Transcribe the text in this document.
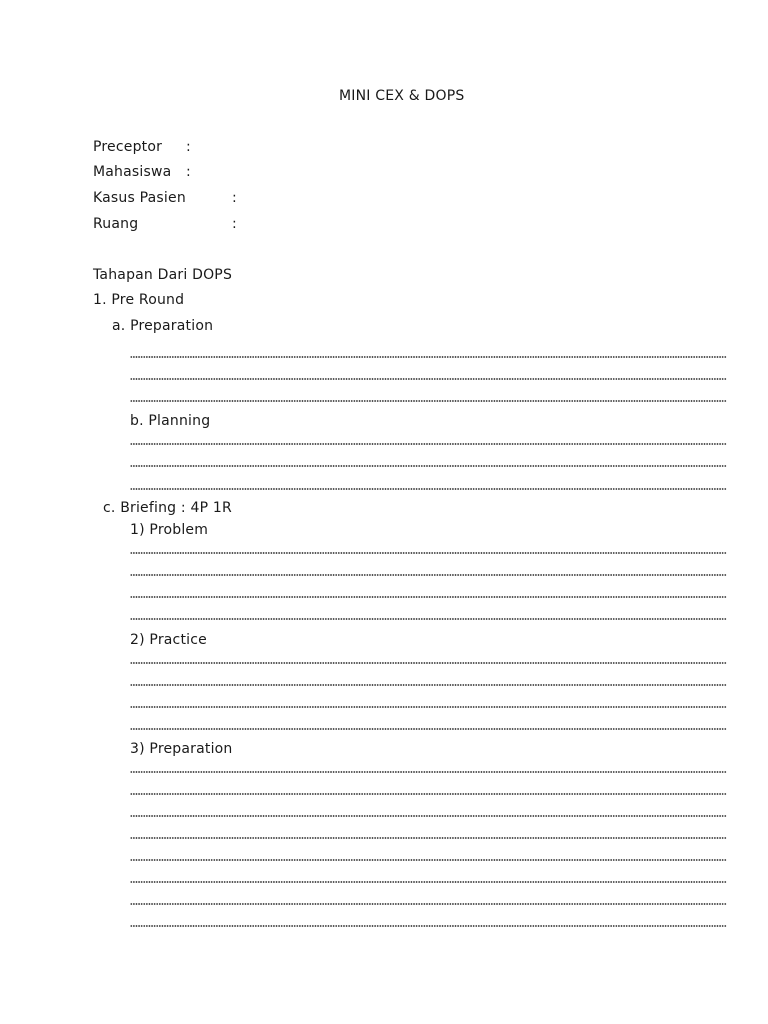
MINI CEX & DOPS
Preceptor :
Mahasiswa :
Kasus Pasien	:
Ruang	:
Tahapan Dari DOPS
1. Pre Round
a. Preparation
b. Planning
c. Briefing : 4P 1R
1) Problem
2) Practice
3) Preparation
